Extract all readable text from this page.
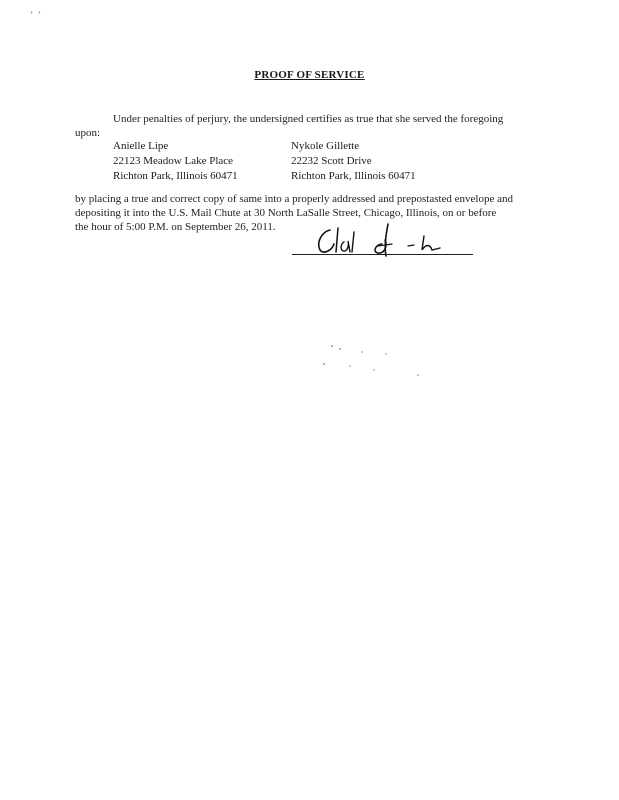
' '
PROOF OF SERVICE
Under penalties of perjury, the undersigned certifies as true that she served the foregoing
upon:
Anielle Lipe
22123 Meadow Lake Place
Richton Park, Illinois 60471
Nykole Gillette
22232 Scott Drive
Richton Park, Illinois 60471
by placing a true and correct copy of same into a properly addressed and prepostasted envelope and
depositing it into the U.S. Mail Chute at 30 North LaSalle Street, Chicago, Illinois, on or before
the hour of 5:00 P.M. on September 26, 2011.
